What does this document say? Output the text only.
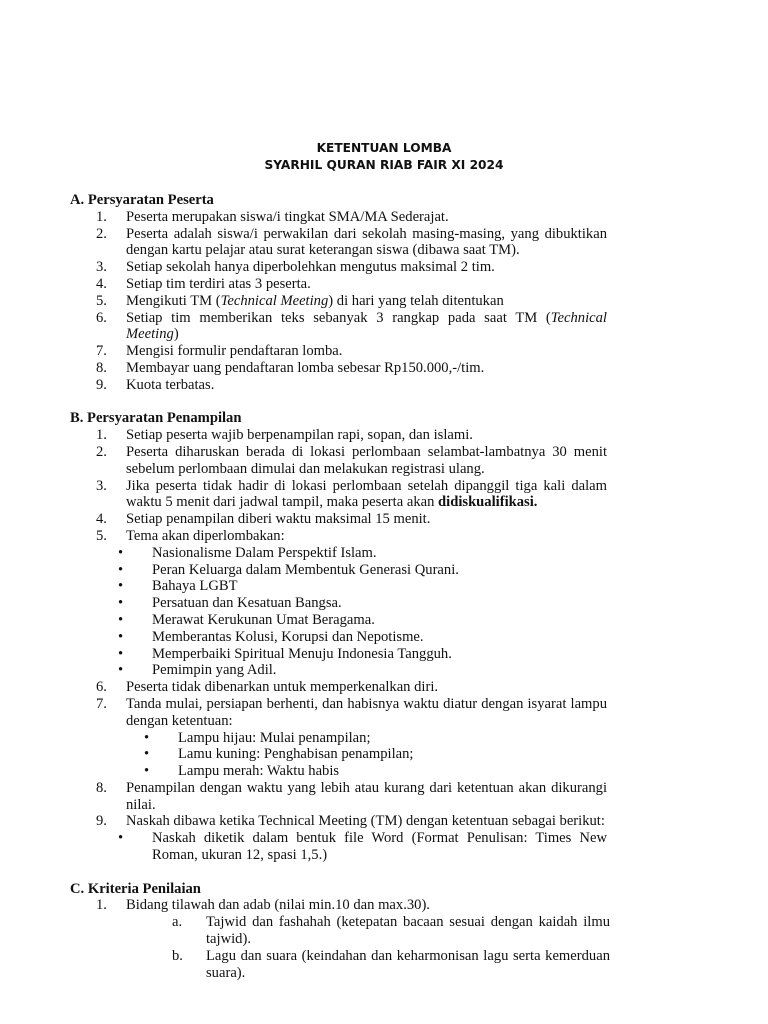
KETENTUAN LOMBA
SYARHIL QURAN RIAB FAIR XI 2024
A. Persyaratan Peserta
1.	Peserta merupakan siswa/i tingkat SMA/MA Sederajat.
2.	Peserta adalah siswa/i perwakilan dari sekolah masing-masing, yang dibuktikan dengan kartu pelajar atau surat keterangan siswa (dibawa saat TM).
3.	Setiap sekolah hanya diperbolehkan mengutus maksimal 2 tim.
4.	Setiap tim terdiri atas 3 peserta.
5.	Mengikuti TM (Technical Meeting) di hari yang telah ditentukan
6.	Setiap tim memberikan teks sebanyak 3 rangkap pada saat TM (Technical Meeting)
7.	Mengisi formulir pendaftaran lomba.
8.	Membayar uang pendaftaran lomba sebesar Rp150.000,-/tim.
9.	Kuota terbatas.
B. Persyaratan Penampilan
1.	Setiap peserta wajib berpenampilan rapi, sopan, dan islami.
2.	Peserta diharuskan berada di lokasi perlombaan selambat-lambatnya 30 menit sebelum perlombaan dimulai dan melakukan registrasi ulang.
3.	Jika peserta tidak hadir di lokasi perlombaan setelah dipanggil tiga kali dalam waktu 5 menit dari jadwal tampil, maka peserta akan didiskualifikasi.
4.	Setiap penampilan diberi waktu maksimal 15 menit.
5.	Tema akan diperlombakan:
•	Nasionalisme Dalam Perspektif Islam.
•	Peran Keluarga dalam Membentuk Generasi Qurani.
•	Bahaya LGBT
•	Persatuan dan Kesatuan Bangsa.
•	Merawat Kerukunan Umat Beragama.
•	Memberantas Kolusi, Korupsi dan Nepotisme.
•	Memperbaiki Spiritual Menuju Indonesia Tangguh.
•	Pemimpin yang Adil.
6.	Peserta tidak dibenarkan untuk memperkenalkan diri.
7.	Tanda mulai, persiapan berhenti, dan habisnya waktu diatur dengan isyarat lampu dengan ketentuan:
•	Lampu hijau: Mulai penampilan;
•	Lamu kuning: Penghabisan penampilan;
•	Lampu merah: Waktu habis
8.	Penampilan dengan waktu yang lebih atau kurang dari ketentuan akan dikurangi nilai.
9.	Naskah dibawa ketika Technical Meeting (TM) dengan ketentuan sebagai berikut:
•	Naskah diketik dalam bentuk file Word (Format Penulisan: Times New Roman, ukuran 12, spasi 1,5.)
C. Kriteria Penilaian
1.	Bidang tilawah dan adab (nilai min.10 dan max.30).
a.	Tajwid dan fashahah (ketepatan bacaan sesuai dengan kaidah ilmu tajwid).
b.	Lagu dan suara (keindahan dan keharmonisan lagu serta kemerduan suara).
